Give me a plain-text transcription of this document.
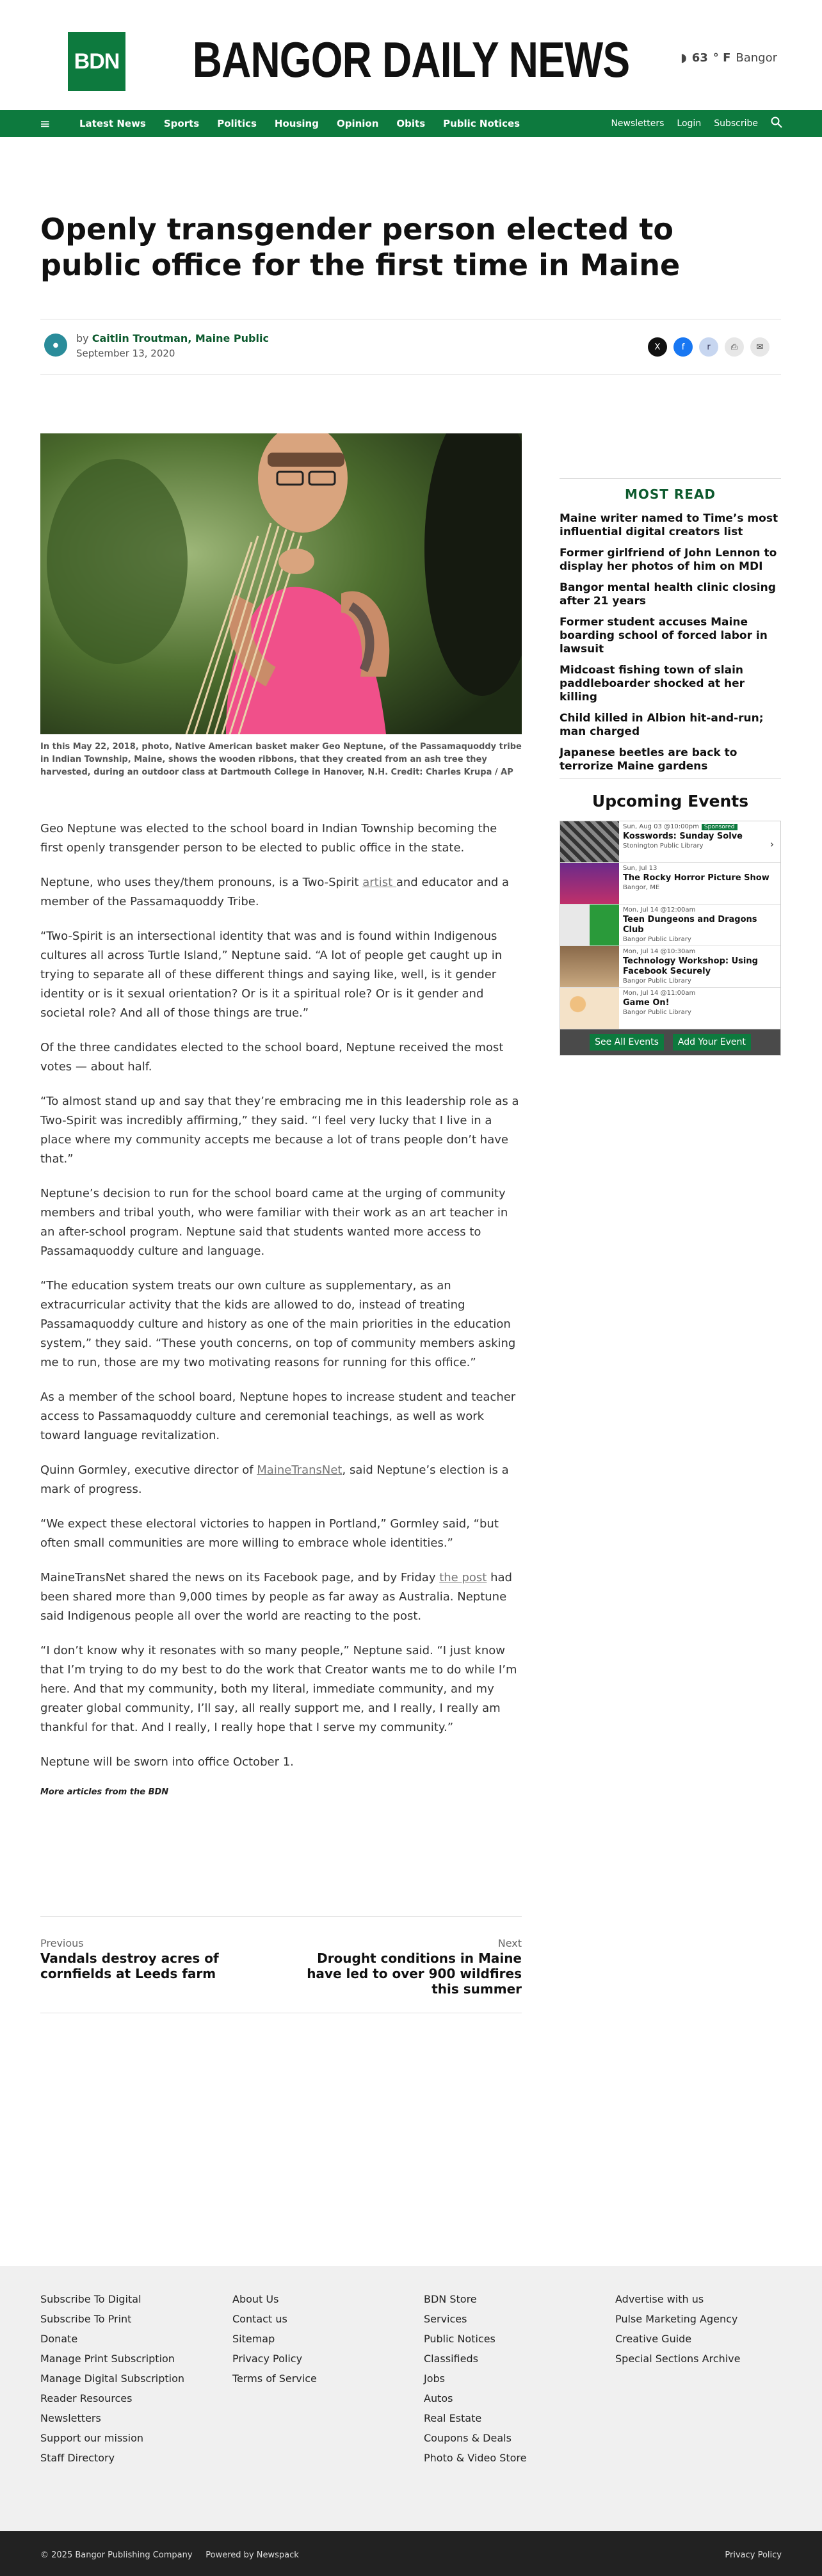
BDN	BANGOR DAILY NEWS	◗ 63 ° F Bangor
≡	Latest News Sports Politics Housing Opinion Obits Public Notices	Newsletters Login Subscribe
Openly transgender person elected to public office for the first time in Maine
●
by Caitlin Troutman, Maine Public
September 13, 2020
X	f	r	⎙	✉

In this May 22, 2018, photo, Native American basket maker Geo Neptune, of the Passamaquoddy tribe in Indian Township, Maine, shows the wooden ribbons, that they created from an ash tree they harvested, during an outdoor class at Dartmouth College in Hanover, N.H. Credit: Charles Krupa / AP

Geo Neptune was elected to the school board in Indian Township becoming the first openly transgender person to be elected to public office in the state.

Neptune, who uses they/them pronouns, is a Two-Spirit artist and educator and a member of the Passamaquoddy Tribe.

“Two-Spirit is an intersectional identity that was and is found within Indigenous cultures all across Turtle Island,” Neptune said. “A lot of people get caught up in trying to separate all of these different things and saying like, well, is it gender identity or is it sexual orientation? Or is it a spiritual role? Or is it gender and societal role? And all of those things are true.”

Of the three candidates elected to the school board, Neptune received the most votes — about half.

“To almost stand up and say that they’re embracing me in this leadership role as a Two-Spirit was incredibly affirming,” they said. “I feel very lucky that I live in a place where my community accepts me because a lot of trans people don’t have that.”

Neptune’s decision to run for the school board came at the urging of community members and tribal youth, who were familiar with their work as an art teacher in an after-school program. Neptune said that students wanted more access to Passamaquoddy culture and language.

“The education system treats our own culture as supplementary, as an extracurricular activity that the kids are allowed to do, instead of treating Passamaquoddy culture and history as one of the main priorities in the education system,” they said. “These youth concerns, on top of community members asking me to run, those are my two motivating reasons for running for this office.”

As a member of the school board, Neptune hopes to increase student and teacher access to Passamaquoddy culture and ceremonial teachings, as well as work toward language revitalization.

Quinn Gormley, executive director of MaineTransNet, said Neptune’s election is a mark of progress.

“We expect these electoral victories to happen in Portland,” Gormley said, “but often small communities are more willing to embrace whole identities.”

MaineTransNet shared the news on its Facebook page, and by Friday the post had been shared more than 9,000 times by people as far away as Australia. Neptune said Indigenous people all over the world are reacting to the post.

“I don’t know why it resonates with so many people,” Neptune said. “I just know that I’m trying to do my best to do the work that Creator wants me to do while I’m here. And that my community, both my literal, immediate community, and my greater global community, I’ll say, all really support me, and I really, I really am thankful for that. And I really, I really hope that I serve my community.”

Neptune will be sworn into office October 1.

More articles from the BDN
Previous
Vandals destroy acres of cornfields at Leeds farm
Next
Drought conditions in Maine have led to over 900 wildfires this summer
MOST READ
Maine writer named to Time’s most influential digital creators list
Former girlfriend of John Lennon to display her photos of him on MDI
Bangor mental health clinic closing after 21 years
Former student accuses Maine boarding school of forced labor in lawsuit
Midcoast fishing town of slain paddleboarder shocked at her killing
Child killed in Albion hit-and-run; man charged
Japanese beetles are back to terrorize Maine gardens
Upcoming Events
Sun, Aug 03 @10:00pm Sponsored
Kosswords: Sunday Solve
Stonington Public Library	›
Sun, Jul 13
The Rocky Horror Picture Show
Bangor, ME
Mon, Jul 14 @12:00am
Teen Dungeons and Dragons Club
Bangor Public Library
Mon, Jul 14 @10:30am
Technology Workshop: Using Facebook Securely
Bangor Public Library
Mon, Jul 14 @11:00am
Game On!
Bangor Public Library
See All Events	Add Your Event
Subscribe To Digital
Subscribe To Print
Donate
Manage Print Subscription
Manage Digital Subscription
Reader Resources
Newsletters
Support our mission
Staff Directory
About Us
Contact us
Sitemap
Privacy Policy
Terms of Service
BDN Store
Services
Public Notices
Classifieds
Jobs
Autos
Real Estate
Coupons & Deals
Photo & Video Store
Advertise with us
Pulse Marketing Agency
Creative Guide
Special Sections Archive
© 2025 Bangor Publishing Company Powered by Newspack	Privacy Policy
